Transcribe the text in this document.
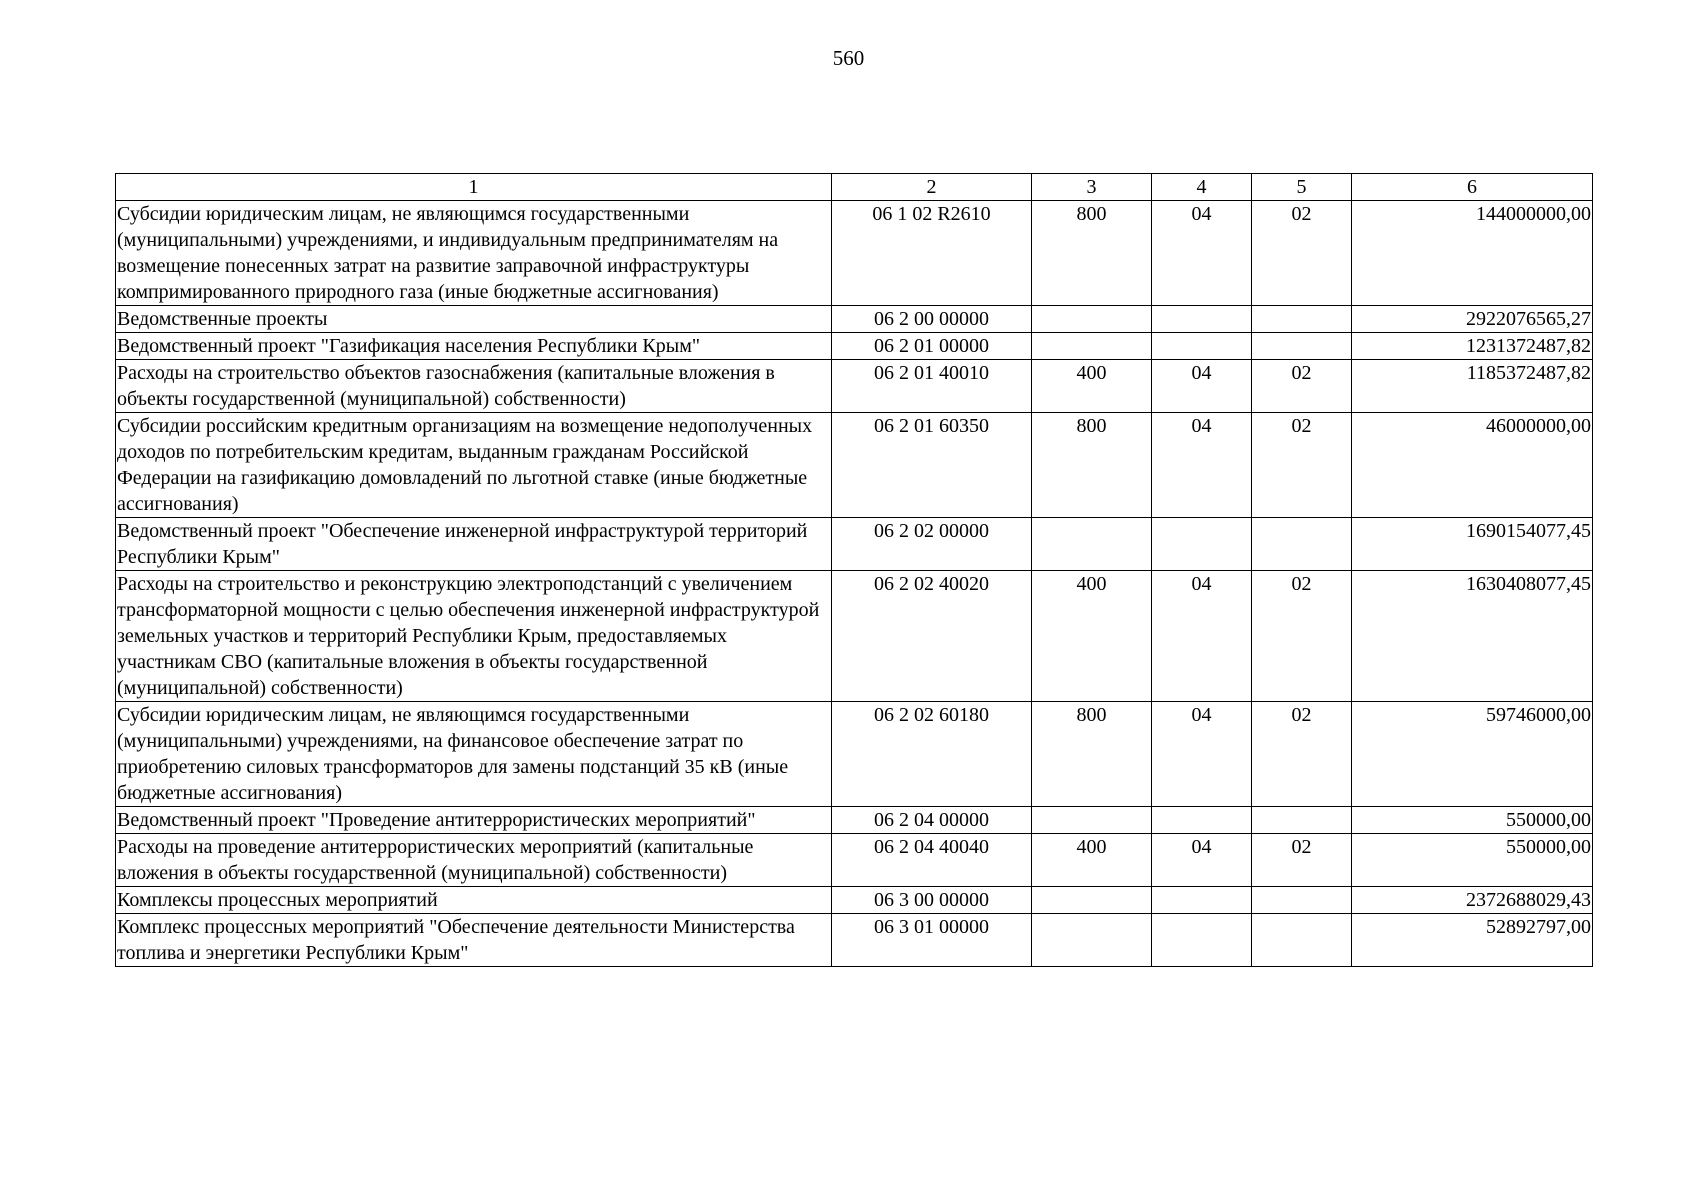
560
1	2	3	4	5	6
Субсидии юридическим лицам, не являющимся государственными (муниципальными) учреждениями, и индивидуальным предпринимателям на возмещение понесенных затрат на развитие заправочной инфраструктуры компримированного природного газа (иные бюджетные ассигнования)	06 1 02 R2610	800	04	02	144000000,00
Ведомственные проекты	06 2 00 00000				2922076565,27
Ведомственный проект "Газификация населения Республики Крым"	06 2 01 00000				1231372487,82
Расходы на строительство объектов газоснабжения (капитальные вложения в объекты государственной (муниципальной) собственности)	06 2 01 40010	400	04	02	1185372487,82
Субсидии российским кредитным организациям на возмещение недополученных доходов по потребительским кредитам, выданным гражданам Российской Федерации на газификацию домовладений по льготной ставке (иные бюджетные ассигнования)	06 2 01 60350	800	04	02	46000000,00
Ведомственный проект "Обеспечение инженерной инфраструктурой территорий Республики Крым"	06 2 02 00000				1690154077,45
Расходы на строительство и реконструкцию электроподстанций с увеличением трансформаторной мощности с целью обеспечения инженерной инфраструктурой земельных участков и территорий Республики Крым, предоставляемых участникам СВО (капитальные вложения в объекты государственной (муниципальной) собственности)	06 2 02 40020	400	04	02	1630408077,45
Субсидии юридическим лицам, не являющимся государственными (муниципальными) учреждениями, на финансовое обеспечение затрат по приобретению силовых трансформаторов для замены подстанций 35 кВ (иные бюджетные ассигнования)	06 2 02 60180	800	04	02	59746000,00
Ведомственный проект "Проведение антитеррористических мероприятий"	06 2 04 00000				550000,00
Расходы на проведение антитеррористических мероприятий (капитальные вложения в объекты государственной (муниципальной) собственности)	06 2 04 40040	400	04	02	550000,00
Комплексы процессных мероприятий	06 3 00 00000				2372688029,43
Комплекс процессных мероприятий "Обеспечение деятельности Министерства топлива и энергетики Республики Крым"	06 3 01 00000				52892797,00
